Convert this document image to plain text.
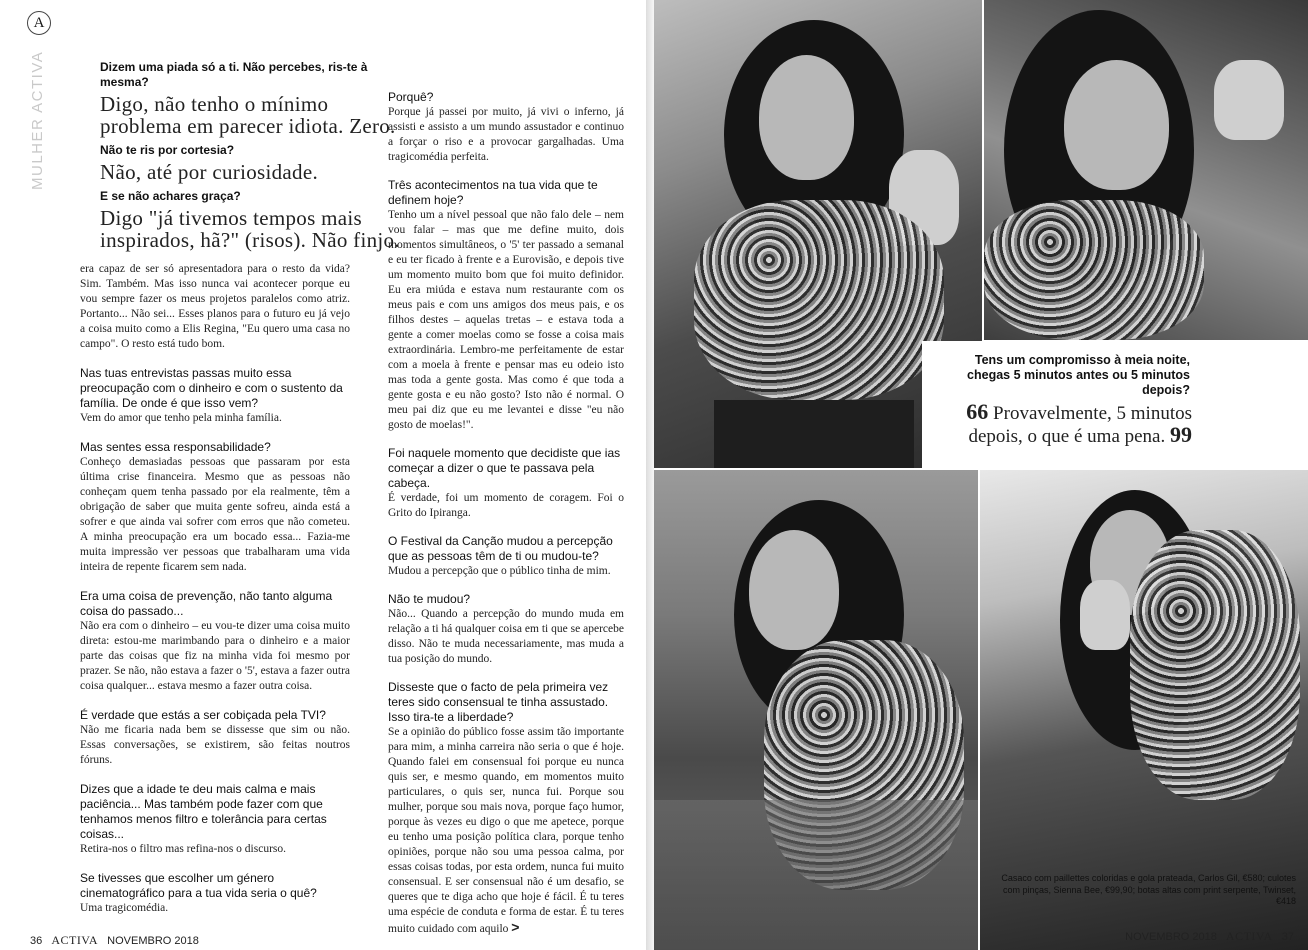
A
MULHER ACTIVA	Dizem uma piada só a ti. Não percebes, ris-te à mesma?
Digo, não tenho o mínimo problema em parecer idiota. Zero.
Não te ris por cortesia?
Não, até por curiosidade.
E se não achares graça?
Digo "já tivemos tempos mais inspirados, hã?" (risos). Não finjo.
era capaz de ser só apresentadora para o resto da vida? Sim. Também. Mas isso nunca vai acontecer porque eu vou sempre fazer os meus projetos paralelos como atriz. Portanto... Não sei... Esses planos para o futuro eu já vejo a coisa muito como a Elis Regina, "Eu quero uma casa no campo". O resto está tudo bom.
Nas tuas entrevistas passas muito essa preocupação com o dinheiro e com o sustento da família. De onde é que isso vem?
Vem do amor que tenho pela minha família.
Mas sentes essa responsabilidade?
Conheço demasiadas pessoas que passaram por esta última crise financeira. Mesmo que as pessoas não conheçam quem tenha passado por ela realmente, têm a obrigação de saber que muita gente sofreu, ainda está a sofrer e que ainda vai sofrer com erros que não cometeu. A minha preocupação era um bocado essa... Fazia-me muita impressão ver pessoas que trabalharam uma vida inteira de repente ficarem sem nada.
Era uma coisa de prevenção, não tanto alguma coisa do passado...
Não era com o dinheiro – eu vou-te dizer uma coisa muito direta: estou-me marimbando para o dinheiro e a maior parte das coisas que fiz na minha vida foi mesmo por prazer. Se não, não estava a fazer o '5', estava a fazer outra coisa qualquer... estava mesmo a fazer outra coisa.
É verdade que estás a ser cobiçada pela TVI?
Não me ficaria nada bem se dissesse que sim ou não. Essas conversações, se existirem, são feitas noutros fóruns.
Dizes que a idade te deu mais calma e mais paciência... Mas também pode fazer com que tenhamos menos filtro e tolerância para certas coisas...
Retira-nos o filtro mas refina-nos o discurso.
Se tivesses que escolher um género cinematográfico para a tua vida seria o quê?
Uma tragicomédia.
Porquê?
Porque já passei por muito, já vivi o inferno, já assisti e assisto a um mundo assustador e continuo a forçar o riso e a provocar gargalhadas. Uma tragicomédia perfeita.
Três acontecimentos na tua vida que te definem hoje?
Tenho um a nível pessoal que não falo dele – nem vou falar – mas que me define muito, dois momentos simultâneos, o '5' ter passado a semanal e eu ter ficado à frente e a Eurovisão, e depois tive um momento muito bom que foi muito definidor. Eu era miúda e estava num restaurante com os meus pais e com uns amigos dos meus pais, e os filhos destes – aquelas tretas – e estava toda a gente a comer moelas como se fosse a coisa mais extraordinária. Lembro-me perfeitamente de estar com a moela à frente e pensar mas eu odeio isto mas toda a gente gosta. Mas como é que toda a gente gosta e eu não gosto? Isto não é normal. O meu pai diz que eu me levantei e disse "eu não gosto de moelas!".
Foi naquele momento que decidiste que ias começar a dizer o que te passava pela cabeça.
É verdade, foi um momento de coragem. Foi o Grito do Ipiranga.
O Festival da Canção mudou a percepção que as pessoas têm de ti ou mudou-te?
Mudou a percepção que o público tinha de mim.
Não te mudou?
Não... Quando a percepção do mundo muda em relação a ti há qualquer coisa em ti que se apercebe disso. Não te muda necessariamente, mas muda a tua posição do mundo.
Disseste que o facto de pela primeira vez teres sido consensual te tinha assustado. Isso tira-te a liberdade?
Se a opinião do público fosse assim tão importante para mim, a minha carreira não seria o que é hoje. Quando falei em consensual foi porque eu nunca quis ser, e mesmo quando, em momentos muito particulares, o quis ser, nunca fui. Porque sou mulher, porque sou mais nova, porque faço humor, porque às vezes eu digo o que me apetece, porque eu tenho uma posição política clara, porque tenho opiniões, porque não sou uma pessoa calma, por essas coisas todas, por esta ordem, nunca fui muito consensual. E ser consensual não é um desafio, se queres que te diga acho que hoje é fácil. É tu teres uma espécie de conduta e forma de estar. É tu teres muito cuidado com aquilo >
36 ACTIVA NOVEMBRO 2018
Tens um compromisso à meia noite, chegas 5 minutos antes ou 5 minutos depois?
66 Provavelmente, 5 minutos depois, o que é uma pena. 99
Casaco com paillettes coloridas e gola prateada, Carlos Gil, €580; culotes com pinças, Sienna Bee, €99,90; botas altas com print serpente, Twinset, €418
NOVEMBRO 2018 ACTIVA 37
